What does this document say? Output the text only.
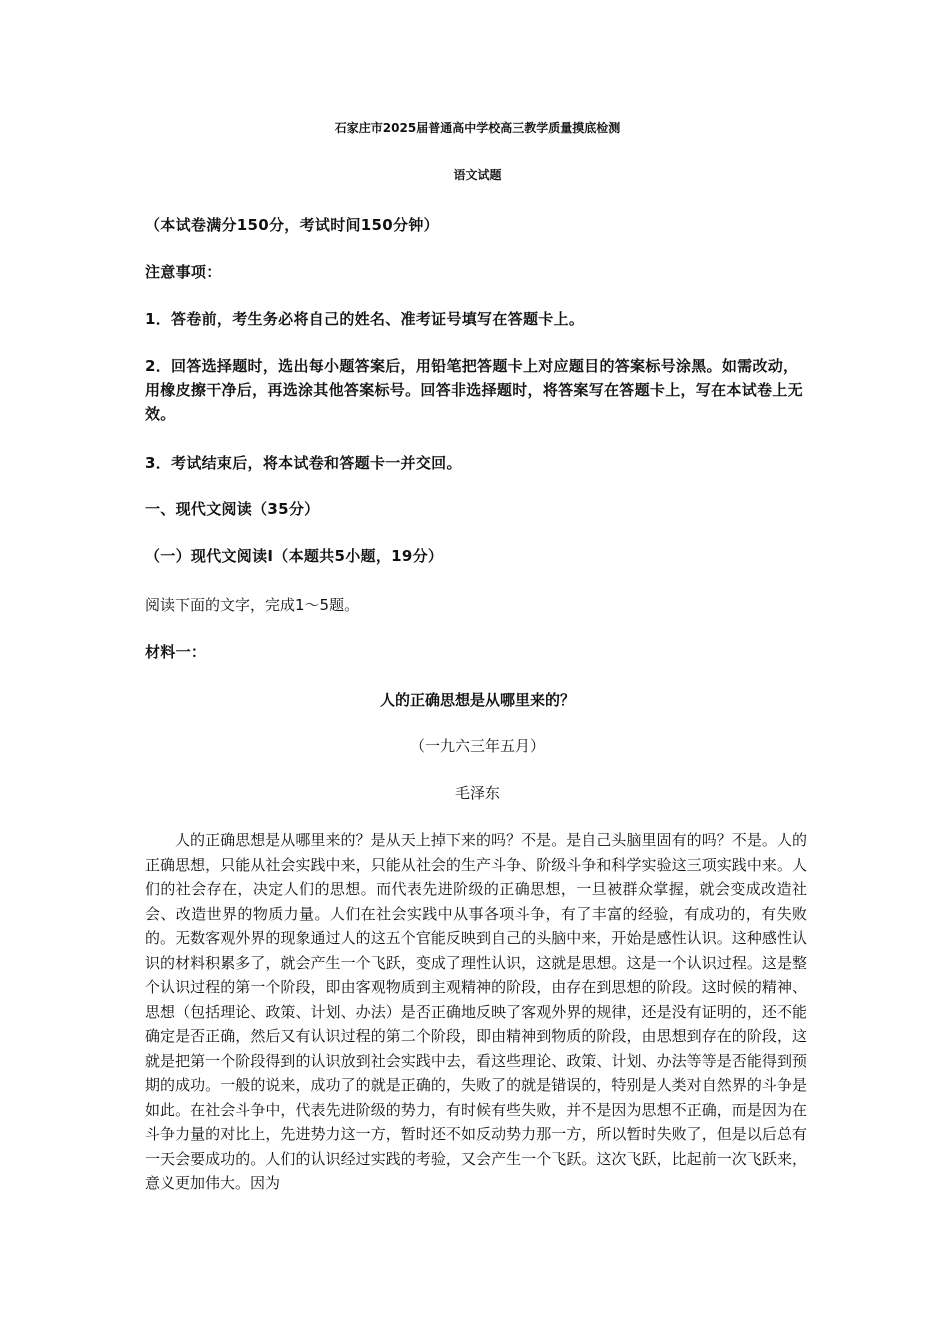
石家庄市2025届普通高中学校高三教学质量摸底检测
语文试题
（本试卷满分150分，考试时间150分钟）
注意事项：
1．答卷前，考生务必将自己的姓名、准考证号填写在答题卡上。
2．回答选择题时，选出每小题答案后，用铅笔把答题卡上对应题目的答案标号涂黑。如需改动，用橡皮擦干净后，再选涂其他答案标号。回答非选择题时，将答案写在答题卡上，写在本试卷上无效。
3．考试结束后，将本试卷和答题卡一并交回。
一、现代文阅读（35分）
（一）现代文阅读Ⅰ（本题共5小题，19分）
阅读下面的文字，完成1～5题。
材料一：
人的正确思想是从哪里来的？
（一九六三年五月）
毛泽东
人的正确思想是从哪里来的？是从天上掉下来的吗？不是。是自己头脑里固有的吗？不是。人的正确思想，只能从社会实践中来，只能从社会的生产斗争、阶级斗争和科学实验这三项实践中来。人们的社会存在，决定人们的思想。而代表先进阶级的正确思想，一旦被群众掌握，就会变成改造社会、改造世界的物质力量。人们在社会实践中从事各项斗争，有了丰富的经验，有成功的，有失败的。无数客观外界的现象通过人的这五个官能反映到自己的头脑中来，开始是感性认识。这种感性认识的材料积累多了，就会产生一个飞跃，变成了理性认识，这就是思想。这是一个认识过程。这是整个认识过程的第一个阶段，即由客观物质到主观精神的阶段，由存在到思想的阶段。这时候的精神、思想（包括理论、政策、计划、办法）是否正确地反映了客观外界的规律，还是没有证明的，还不能确定是否正确，然后又有认识过程的第二个阶段，即由精神到物质的阶段，由思想到存在的阶段，这就是把第一个阶段得到的认识放到社会实践中去，看这些理论、政策、计划、办法等等是否能得到预期的成功。一般的说来，成功了的就是正确的，失败了的就是错误的，特别是人类对自然界的斗争是如此。在社会斗争中，代表先进阶级的势力，有时候有些失败，并不是因为思想不正确，而是因为在斗争力量的对比上，先进势力这一方，暂时还不如反动势力那一方，所以暂时失败了，但是以后总有一天会要成功的。人们的认识经过实践的考验，又会产生一个飞跃。这次飞跃，比起前一次飞跃来，意义更加伟大。因为
